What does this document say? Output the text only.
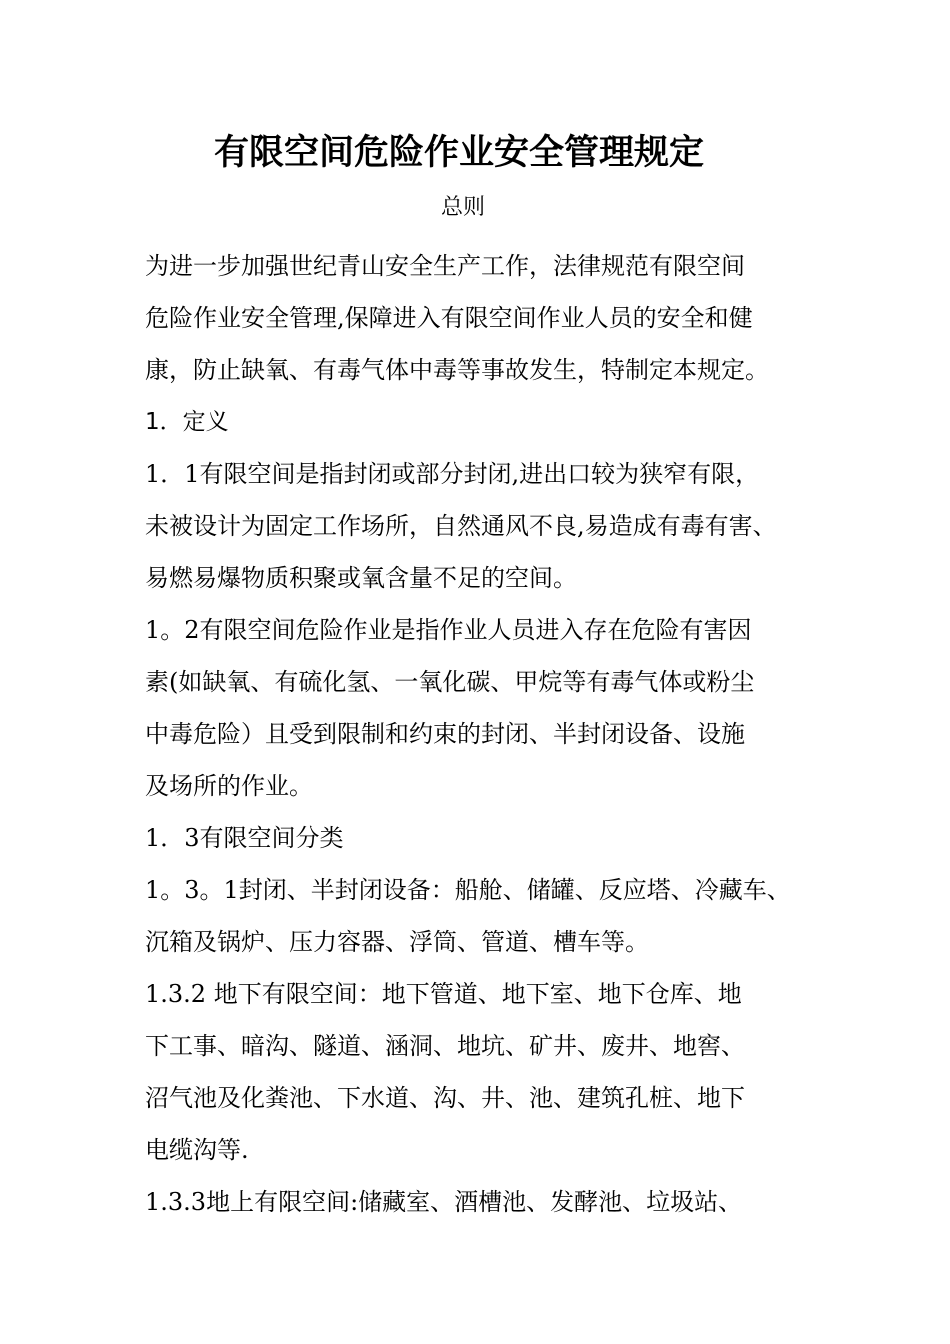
有限空间危险作业安全管理规定
总则

为进一步加强世纪青山安全生产工作，法律规范有限空间
危险作业安全管理,保障进入有限空间作业人员的安全和健
康，防止缺氧、有毒气体中毒等事故发生，特制定本规定。

1．定义

1．1有限空间是指封闭或部分封闭,进出口较为狭窄有限，
未被设计为固定工作场所，自然通风不良,易造成有毒有害、
易燃易爆物质积聚或氧含量不足的空间。

1。2有限空间危险作业是指作业人员进入存在危险有害因
素(如缺氧、有硫化氢、一氧化碳、甲烷等有毒气体或粉尘
中毒危险）且受到限制和约束的封闭、半封闭设备、设施
及场所的作业。

1．3有限空间分类

1。3。1封闭、半封闭设备：船舱、储罐、反应塔、冷藏车、
沉箱及锅炉、压力容器、浮筒、管道、槽车等。

1.3.2 地下有限空间：地下管道、地下室、地下仓库、地
下工事、暗沟、隧道、涵洞、地坑、矿井、废井、地窖、
沼气池及化粪池、下水道、沟、井、池、建筑孔桩、地下
电缆沟等.

1.3.3地上有限空间:储藏室、酒槽池、发酵池、垃圾站、
